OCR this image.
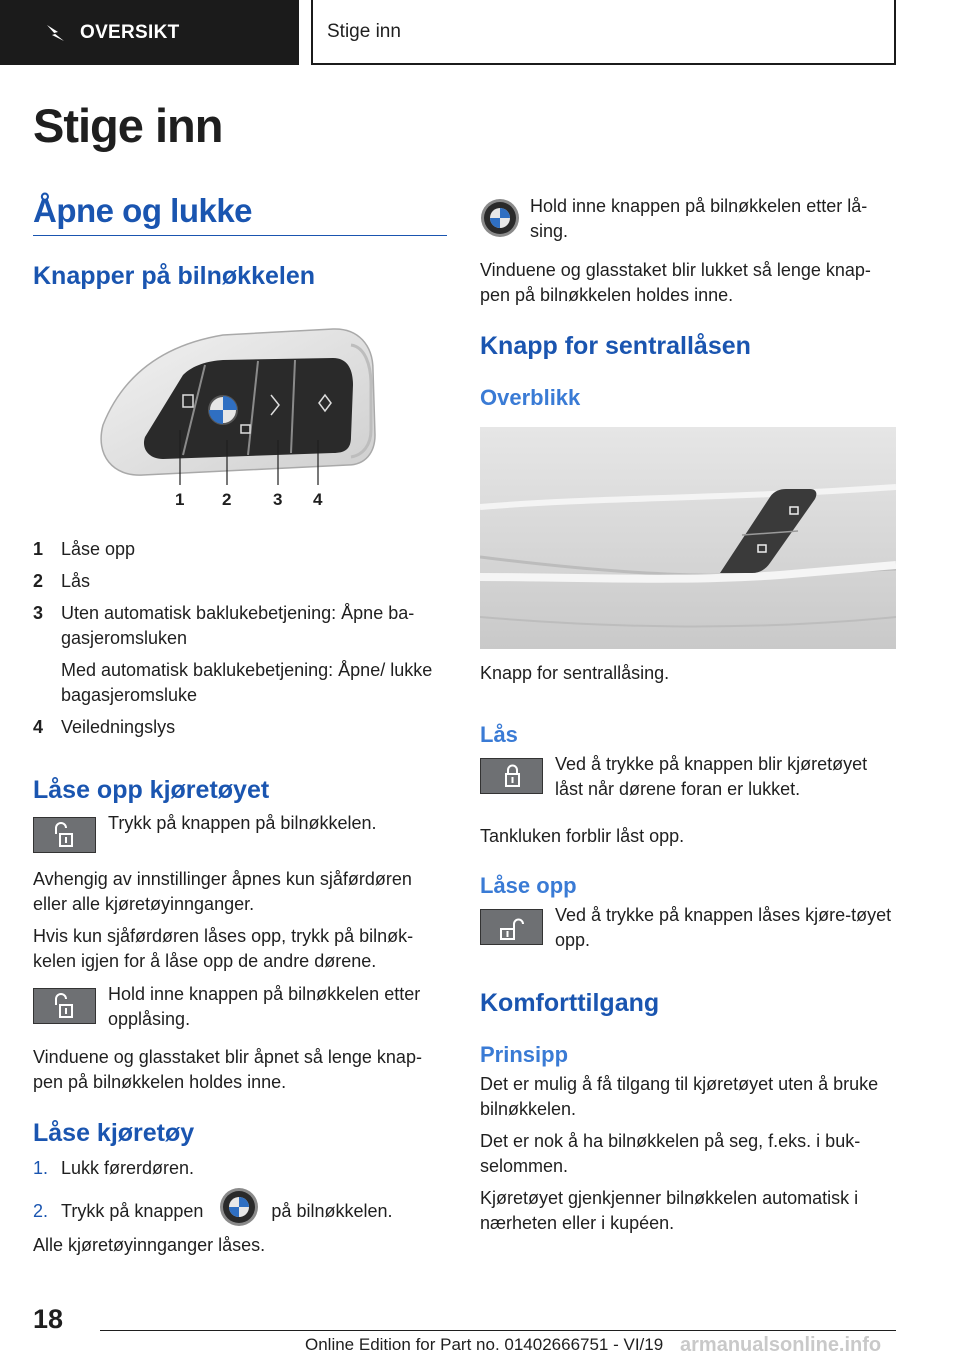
OVERSIKT	Stige inn
Stige inn
Åpne og lukke
Knapper på bilnøkkelen
1 2 3 4
1 Låse opp
2 Lås
3 Uten automatisk baklukebetjening: Åpne ba-gasjeromsluken
Med automatisk baklukebetjening: Åpne/ lukke bagasjeromsluke
4 Veiledningslys
Låse opp kjøretøyet

Trykk på knappen på bilnøkkelen.

Avhengig av innstillinger åpnes kun sjåførdøren eller alle kjøretøyinnganger.

Hvis kun sjåførdøren låses opp, trykk på bilnøk-kelen igjen for å låse opp de andre dørene.

Hold inne knappen på bilnøkkelen etter opplåsing.

Vinduene og glasstaket blir åpnet så lenge knap-pen på bilnøkkelen holdes inne.

Låse kjøretøy
1. Lukk førerdøren.
2. Trykk på knappen	på bilnøkkelen.

Alle kjøretøyinnganger låses.

Hold inne knappen på bilnøkkelen etter lå-sing.

Vinduene og glasstaket blir lukket så lenge knap-pen på bilnøkkelen holdes inne.

Knapp for sentrallåsen
Overblikk

Knapp for sentrallåsing.

Lås

Ved å trykke på knappen blir kjøretøyet låst når dørene foran er lukket.

Tankluken forblir låst opp.

Låse opp

Ved å trykke på knappen låses kjøre-tøyet opp.

Komforttilgang
Prinsipp

Det er mulig å få tilgang til kjøretøyet uten å bruke bilnøkkelen.

Det er nok å ha bilnøkkelen på seg, f.eks. i buk-selommen.

Kjøretøyet gjenkjenner bilnøkkelen automatisk i nærheten eller i kupéen.

18
Online Edition for Part no. 01402666751 - VI/19 armanualsonline.info
